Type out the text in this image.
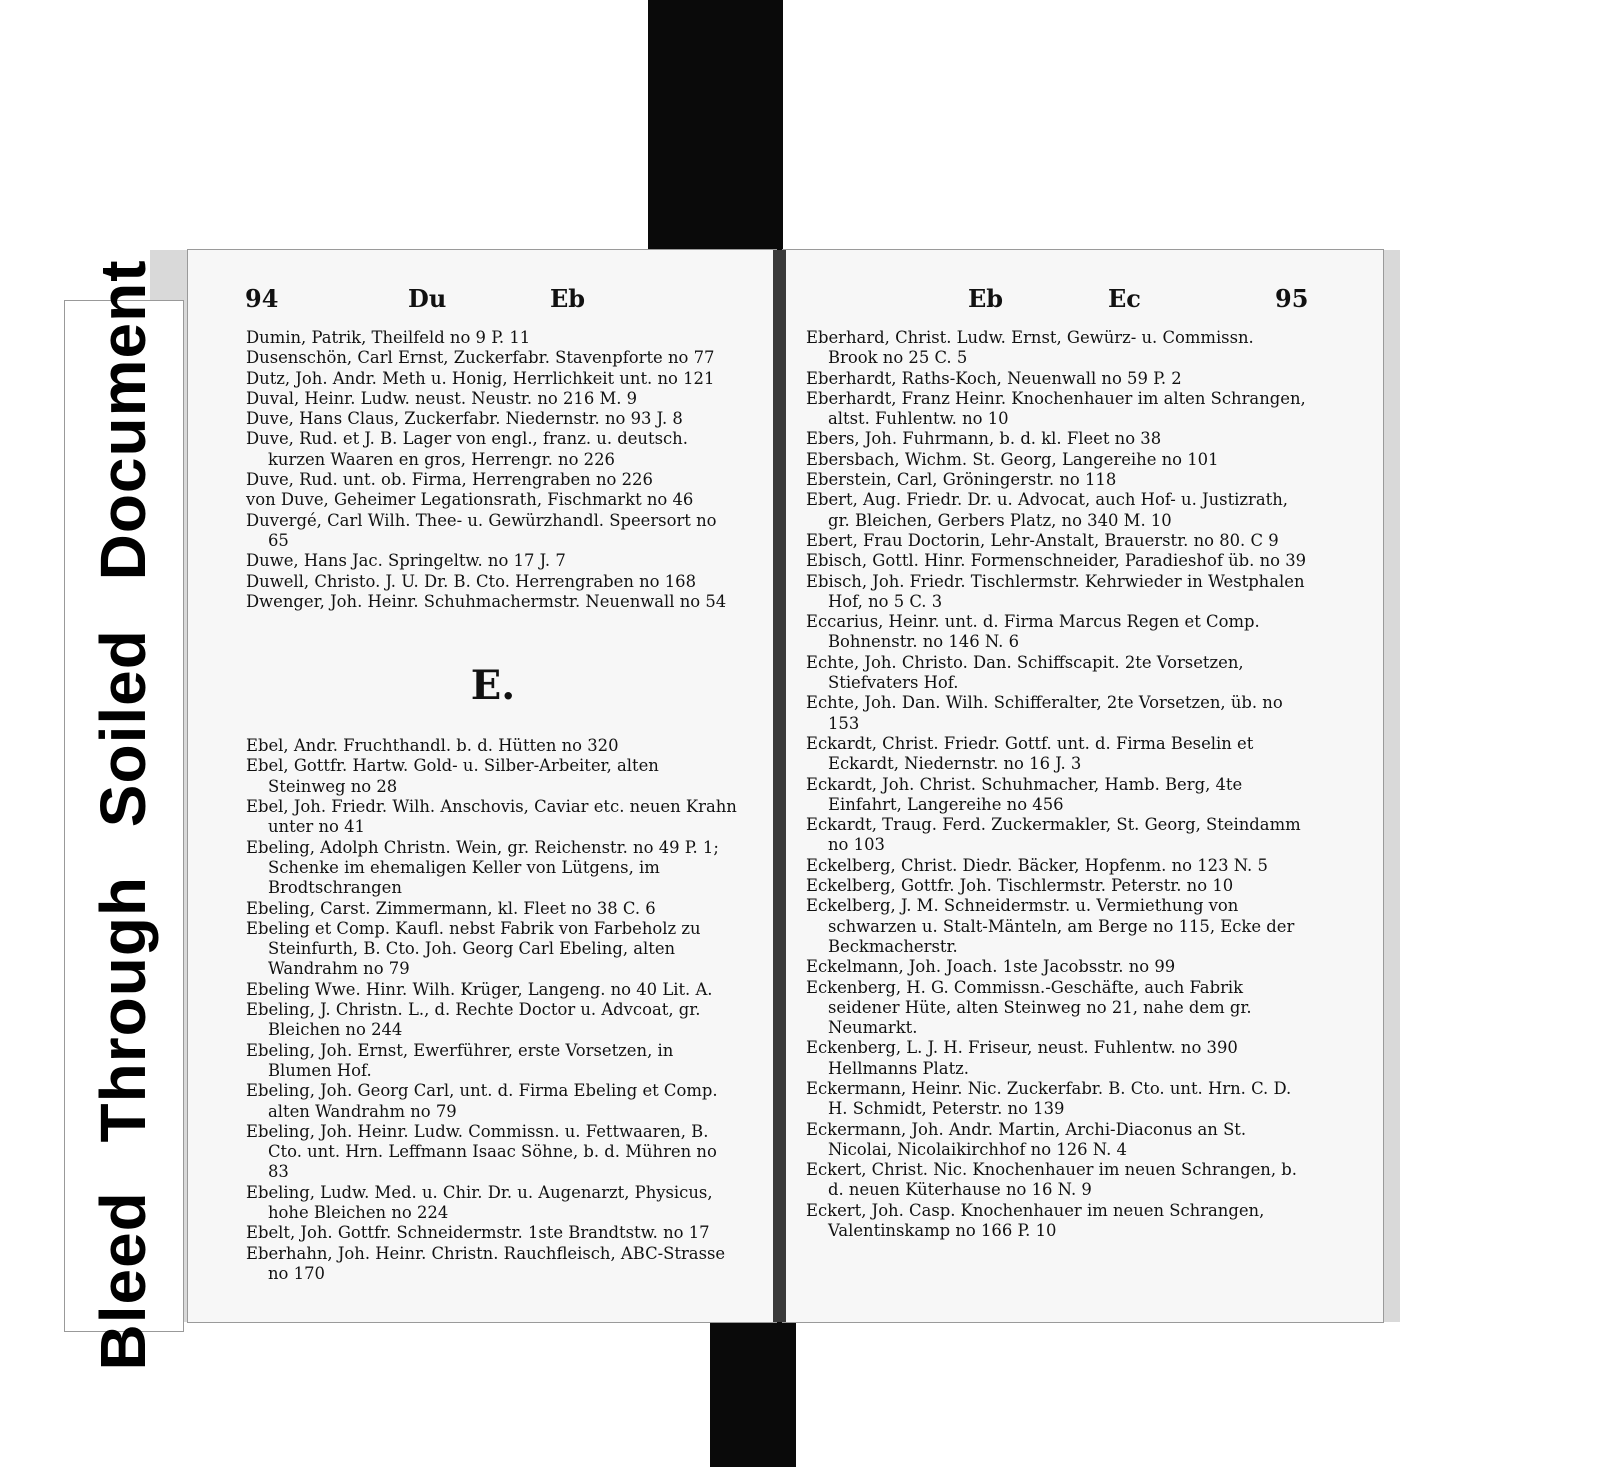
Bleed Through Soiled Document	94	Du	Eb	Eb	Ec	95
Dumin, Patrik, Theilfeld no 9 P. 11
Dusenschön, Carl Ernst, Zuckerfabr. Stavenpforte no 77
Dutz, Joh. Andr. Meth u. Honig, Herrlichkeit unt. no 121
Duval, Heinr. Ludw. neust. Neustr. no 216 M. 9
Duve, Hans Claus, Zuckerfabr. Niedernstr. no 93 J. 8
Duve, Rud. et J. B. Lager von engl., franz. u. deutsch. kurzen Waaren en gros, Herrengr. no 226
Duve, Rud. unt. ob. Firma, Herrengraben no 226
von Duve, Geheimer Legationsrath, Fischmarkt no 46
Duvergé, Carl Wilh. Thee- u. Gewürzhandl. Speersort no 65
Duwe, Hans Jac. Springeltw. no 17 J. 7
Duwell, Christo. J. U. Dr. B. Cto. Herrengraben no 168
Dwenger, Joh. Heinr. Schuhmachermstr. Neuenwall no 54
E.
Ebel, Andr. Fruchthandl. b. d. Hütten no 320
Ebel, Gottfr. Hartw. Gold- u. Silber-Arbeiter, alten Steinweg no 28
Ebel, Joh. Friedr. Wilh. Anschovis, Caviar etc. neuen Krahn unter no 41
Ebeling, Adolph Christn. Wein, gr. Reichenstr. no 49 P. 1; Schenke im ehemaligen Keller von Lütgens, im Brodtschrangen
Ebeling, Carst. Zimmermann, kl. Fleet no 38 C. 6
Ebeling et Comp. Kaufl. nebst Fabrik von Farbeholz zu Steinfurth, B. Cto. Joh. Georg Carl Ebeling, alten Wandrahm no 79
Ebeling Wwe. Hinr. Wilh. Krüger, Langeng. no 40 Lit. A.
Ebeling, J. Christn. L., d. Rechte Doctor u. Advcoat, gr. Bleichen no 244
Ebeling, Joh. Ernst, Ewerführer, erste Vorsetzen, in Blumen Hof.
Ebeling, Joh. Georg Carl, unt. d. Firma Ebeling et Comp. alten Wandrahm no 79
Ebeling, Joh. Heinr. Ludw. Commissn. u. Fettwaaren, B. Cto. unt. Hrn. Leffmann Isaac Söhne, b. d. Mühren no 83
Ebeling, Ludw. Med. u. Chir. Dr. u. Augenarzt, Physicus, hohe Bleichen no 224
Ebelt, Joh. Gottfr. Schneidermstr. 1ste Brandtstw. no 17
Eberhahn, Joh. Heinr. Christn. Rauchfleisch, ABC-Strasse no 170
Eberhard, Christ. Ludw. Ernst, Gewürz- u. Commissn. Brook no 25 C. 5
Eberhardt, Raths-Koch, Neuenwall no 59 P. 2
Eberhardt, Franz Heinr. Knochenhauer im alten Schrangen, altst. Fuhlentw. no 10
Ebers, Joh. Fuhrmann, b. d. kl. Fleet no 38
Ebersbach, Wichm. St. Georg, Langereihe no 101
Eberstein, Carl, Gröningerstr. no 118
Ebert, Aug. Friedr. Dr. u. Advocat, auch Hof- u. Justizrath, gr. Bleichen, Gerbers Platz, no 340 M. 10
Ebert, Frau Doctorin, Lehr-Anstalt, Brauerstr. no 80. C 9
Ebisch, Gottl. Hinr. Formenschneider, Paradieshof üb. no 39
Ebisch, Joh. Friedr. Tischlermstr. Kehrwieder in Westphalen Hof, no 5 C. 3
Eccarius, Heinr. unt. d. Firma Marcus Regen et Comp. Bohnenstr. no 146 N. 6
Echte, Joh. Christo. Dan. Schiffscapit. 2te Vorsetzen, Stiefvaters Hof.
Echte, Joh. Dan. Wilh. Schifferalter, 2te Vorsetzen, üb. no 153
Eckardt, Christ. Friedr. Gottf. unt. d. Firma Beselin et Eckardt, Niedernstr. no 16 J. 3
Eckardt, Joh. Christ. Schuhmacher, Hamb. Berg, 4te Einfahrt, Langereihe no 456
Eckardt, Traug. Ferd. Zuckermakler, St. Georg, Steindamm no 103
Eckelberg, Christ. Diedr. Bäcker, Hopfenm. no 123 N. 5
Eckelberg, Gottfr. Joh. Tischlermstr. Peterstr. no 10
Eckelberg, J. M. Schneidermstr. u. Vermiethung von schwarzen u. Stalt-Mänteln, am Berge no 115, Ecke der Beckmacherstr.
Eckelmann, Joh. Joach. 1ste Jacobsstr. no 99
Eckenberg, H. G. Commissn.-Geschäfte, auch Fabrik seidener Hüte, alten Steinweg no 21, nahe dem gr. Neumarkt.
Eckenberg, L. J. H. Friseur, neust. Fuhlentw. no 390 Hellmanns Platz.
Eckermann, Heinr. Nic. Zuckerfabr. B. Cto. unt. Hrn. C. D. H. Schmidt, Peterstr. no 139
Eckermann, Joh. Andr. Martin, Archi-Diaconus an St. Nicolai, Nicolaikirchhof no 126 N. 4
Eckert, Christ. Nic. Knochenhauer im neuen Schrangen, b. d. neuen Küterhause no 16 N. 9
Eckert, Joh. Casp. Knochenhauer im neuen Schrangen, Valentinskamp no 166 P. 10
